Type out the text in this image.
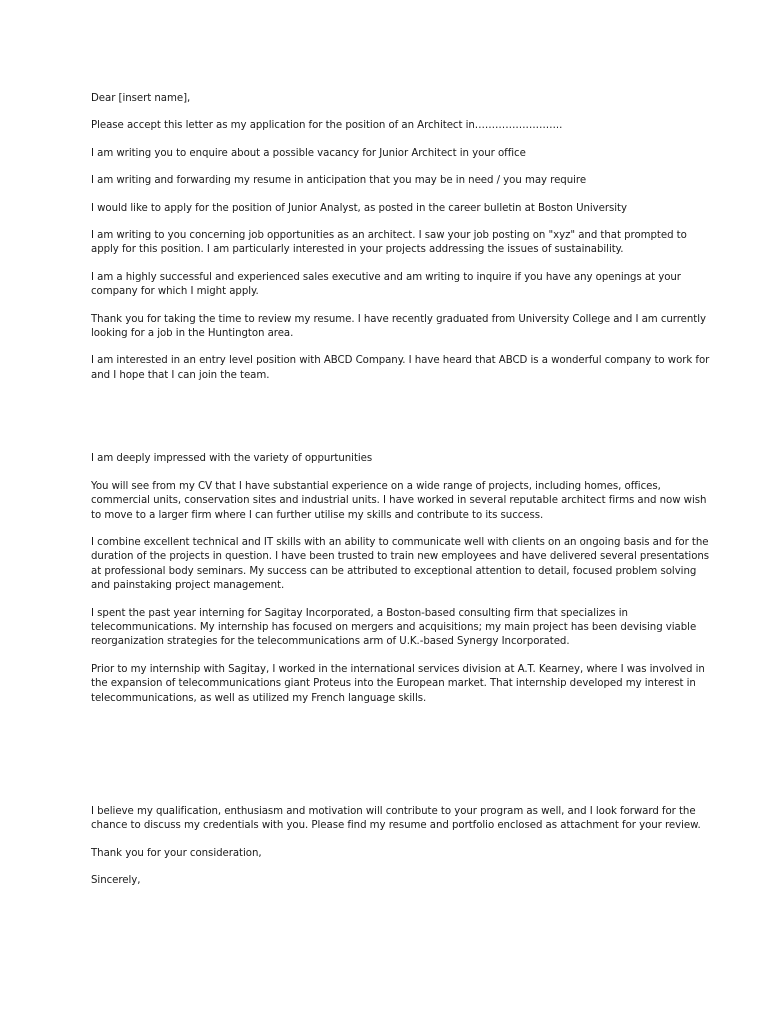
Dear [insert name],

Please accept this letter as my application for the position of an Architect in……………………..

I am writing you to enquire about a possible vacancy for Junior Architect in your office

I am writing and forwarding my resume in anticipation that you may be in need / you may require

I would like to apply for the position of Junior Analyst, as posted in the career bulletin at Boston University

I am writing to you concerning job opportunities as an architect. I saw your job posting on "xyz" and that prompted to apply for this position. I am particularly interested in your projects addressing the issues of sustainability.

I am a highly successful and experienced sales executive and am writing to inquire if you have any openings at your company for which I might apply.

Thank you for taking the time to review my resume. I have recently graduated from University College and I am currently looking for a job in the Huntington area.

I am interested in an entry level position with ABCD Company. I have heard that ABCD is a wonderful company to work for and I hope that I can join the team.

I am deeply impressed with the variety of oppurtunities

You will see from my CV that I have substantial experience on a wide range of projects, including homes, offices, commercial units, conservation sites and industrial units. I have worked in several reputable architect firms and now wish to move to a larger firm where I can further utilise my skills and contribute to its success.

I combine excellent technical and IT skills with an ability to communicate well with clients on an ongoing basis and for the duration of the projects in question. I have been trusted to train new employees and have delivered several presentations at professional body seminars. My success can be attributed to exceptional attention to detail, focused problem solving and painstaking project management.

I spent the past year interning for Sagitay Incorporated, a Boston-based consulting firm that specializes in telecommunications. My internship has focused on mergers and acquisitions; my main project has been devising viable reorganization strategies for the telecommunications arm of U.K.-based Synergy Incorporated.

Prior to my internship with Sagitay, I worked in the international services division at A.T. Kearney, where I was involved in the expansion of telecommunications giant Proteus into the European market. That internship developed my interest in telecommunications, as well as utilized my French language skills.

I believe my qualification, enthusiasm and motivation will contribute to your program as well, and I look forward for the chance to discuss my credentials with you. Please find my resume and portfolio enclosed as attachment for your review.

Thank you for your consideration,

Sincerely,
